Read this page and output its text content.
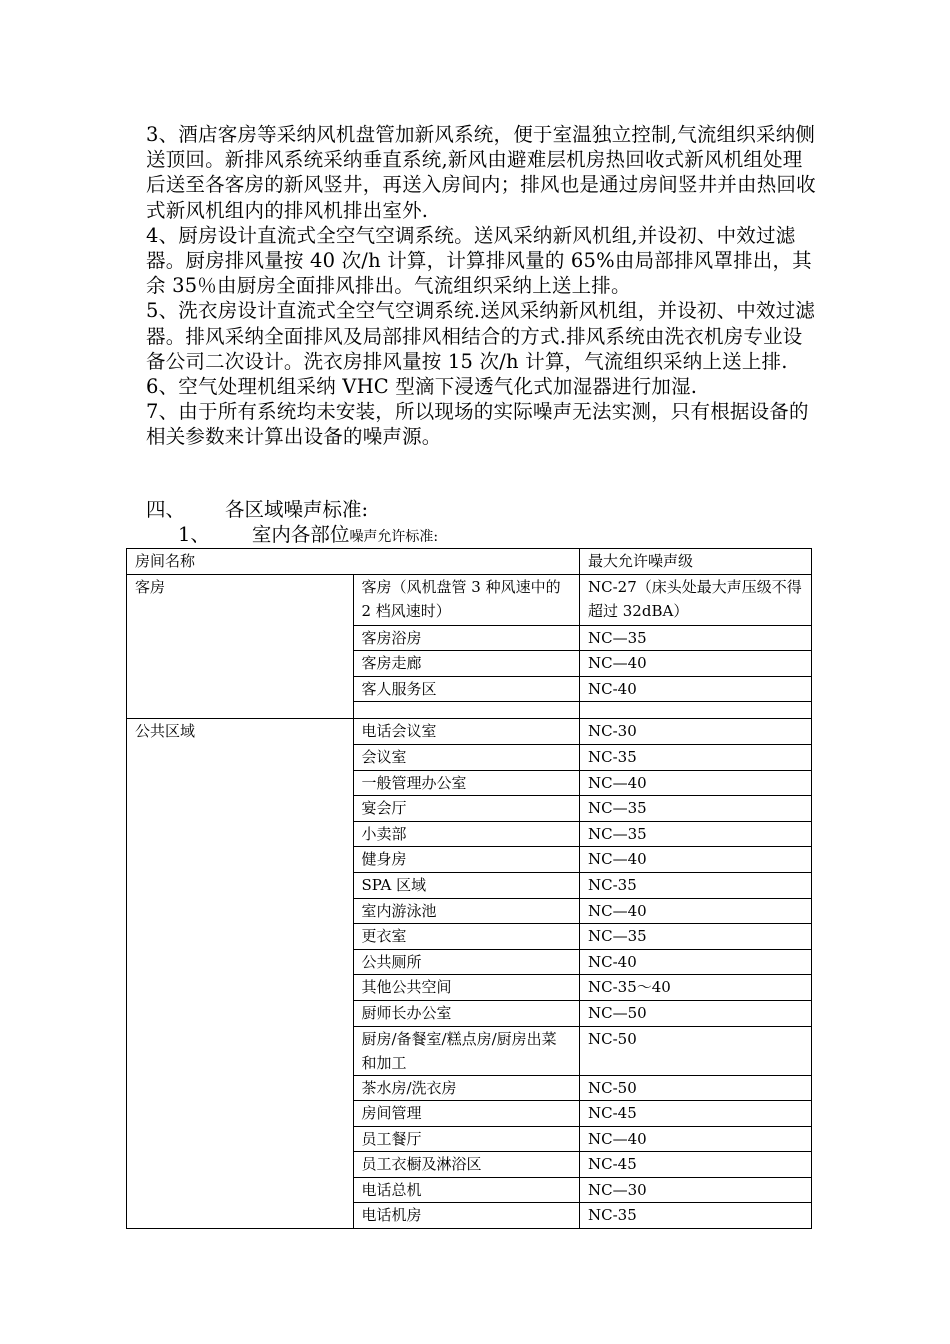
3、酒店客房等采纳风机盘管加新风系统，便于室温独立控制,气流组织采纳侧送顶回。新排风系统采纳垂直系统,新风由避难层机房热回收式新风机组处理后送至各客房的新风竖井，再送入房间内；排风也是通过房间竖井并由热回收式新风机组内的排风机排出室外.

4、厨房设计直流式全空气空调系统。送风采纳新风机组,并设初、中效过滤器。厨房排风量按 40 次/h 计算，计算排风量的 65%由局部排风罩排出，其余 35％由厨房全面排风排出。气流组织采纳上送上排。

5、洗衣房设计直流式全空气空调系统.送风采纳新风机组，并设初、中效过滤器。排风采纳全面排风及局部排风相结合的方式.排风系统由洗衣机房专业设备公司二次设计。洗衣房排风量按 15 次/h 计算，气流组织采纳上送上排.

6、空气处理机组采纳 VHC 型滴下浸透气化式加湿器进行加湿.

7、由于所有系统均未安装，所以现场的实际噪声无法实测，只有根据设备的相关参数来计算出设备的噪声源。

四、 各区域噪声标准:
1、 室内各部位噪声允许标准:
房间名称		最大允许噪声级
客房	客房（风机盘管 3 种风速中的 2 档风速时）	NC-27（床头处最大声压级不得超过 32dBA）
	客房浴房	NC—35
	客房走廊	NC—40
	客人服务区	NC-40

公共区域	电话会议室	NC-30
	会议室	NC-35
	一般管理办公室	NC—40
	宴会厅	NC—35
	小卖部	NC—35
	健身房	NC—40
	SPA 区域	NC-35
	室内游泳池	NC—40
	更衣室	NC—35
	公共厕所	NC-40
	其他公共空间	NC-35～40
	厨师长办公室	NC—50
	厨房/备餐室/糕点房/厨房出菜和加工	NC-50
	茶水房/洗衣房	NC-50
	房间管理	NC-45
	员工餐厅	NC—40
	员工衣橱及淋浴区	NC-45
	电话总机	NC—30
	电话机房	NC-35
